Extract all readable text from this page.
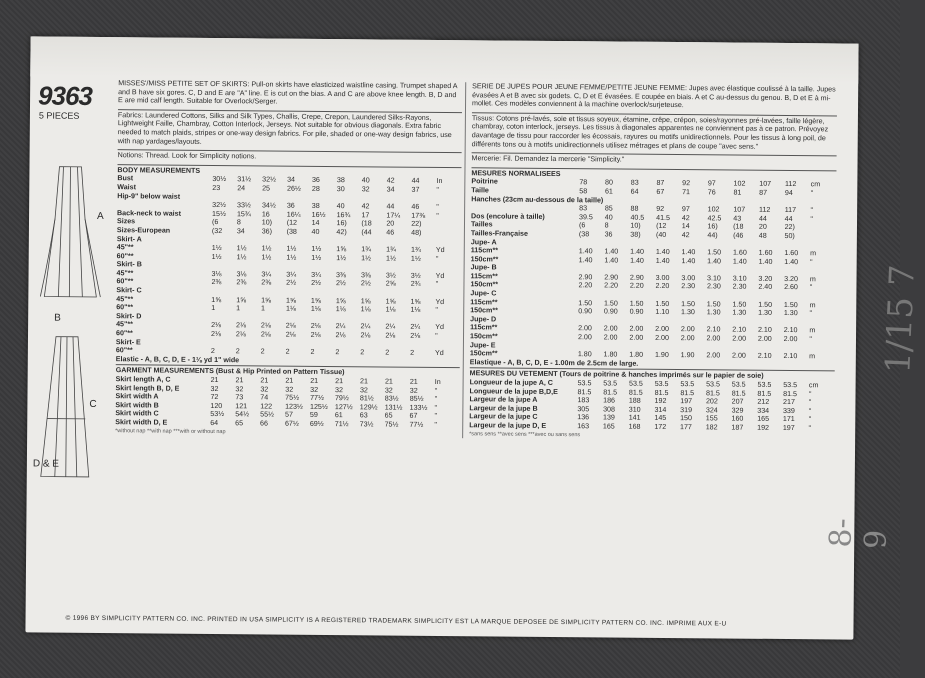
9363
5 PIECES
A
B
C
D & E
MISSES'/MISS PETITE SET OF SKIRTS: Pull-on skirts have elasticized waistline casing. Trumpet shaped A and B have six gores. C, D and E are "A" line. E is cut on the bias. A and C are above knee length. B, D and E are mid calf length. Suitable for Overlock/Serger.
Fabrics: Laundered Cottons, Silks and Silk Types, Challis, Crepe, Crepon, Laundered Silks-Rayons, Lightweight Faille, Chambray, Cotton Interlock, Jerseys. Not suitable for obvious diagonals. Extra fabric needed to match plaids, stripes or one-way design fabrics. For pile, shaded or one-way design fabrics, use with nap yardages/layouts.
Notions: Thread. Look for Simplicity notions.
BODY MEASUREMENTS
Bust	30½	31½	32½	34	36	38	40	42	44	In
Waist	23	24	25	26½	28	30	32	34	37	"
Hip-9" below waist
32½	33½	34½	36	38	40	42	44	46	"
Back-neck to waist	15½	15¾	16	16¼	16½	16¾	17	17¼	17⅜	"
Sizes	(6	8	10)	(12	14	16)	(18	20	22)
Sizes-European	(32	34	36)	(38	40	42)	(44	46	48)
Skirt- A
45"**	1½	1½	1½	1½	1½	1⅝	1¾	1¾	1¾	Yd
60"**	1½	1½	1½	1½	1½	1½	1½	1½	1½	"
Skirt- B
45"**	3⅛	3⅛	3¼	3¼	3¼	3⅜	3⅜	3½	3½	Yd
60"**	2⅜	2⅜	2⅜	2½	2½	2½	2½	2⅝	2¾	"
Skirt- C
45"**	1⅝	1⅝	1⅝	1⅝	1⅝	1⅝	1⅝	1⅝	1⅝	Yd
60"**	1	1	1	1⅛	1⅛	1⅛	1⅛	1⅛	1⅛	"
Skirt- D
45"**	2⅛	2⅛	2⅛	2⅛	2⅛	2¼	2¼	2¼	2¼	Yd
60"**	2⅛	2⅛	2⅛	2⅛	2⅛	2⅛	2⅛	2⅛	2⅛	"
Skirt- E
60"**	2	2	2	2	2	2	2	2	2	Yd
Elastic - A, B, C, D, E - 1⅛ yd 1" wide
GARMENT MEASUREMENTS (Bust & Hip Printed on Pattern Tissue)
Skirt length A, C	21	21	21	21	21	21	21	21	21	In
Skirt length B, D, E	32	32	32	32	32	32	32	32	32	"
Skirt width A	72	73	74	75½	77½	79½	81½	83½	85½	"
Skirt width B	120	121	122	123½ 125½ 127½ 129½ 131½ 133½ "
Skirt width C	53½	54½	55½	57	59	61	63	65	67	"
Skirt width D, E	64	65	66	67½	69½	71½	73½	75½	77½	"
*without nap **with nap ***with or without nap
SERIE DE JUPES POUR JEUNE FEMME/PETITE JEUNE FEMME: Jupes avec élastique coulissé à la taille. Jupes évasées A et B avec six godets. C, D et E évasées. E coupée en biais. A et C au-dessus du genou. B, D et E à mi-mollet. Ces modèles conviennent à la machine overlock/surjeteuse.
Tissus: Cotons pré-lavés, soie et tissus soyeux, étamine, crêpe, crépon, soies/rayonnes pré-lavées, faille légère, chambray, coton interlock, jerseys. Les tissus à diagonales apparentes ne conviennent pas à ce patron. Prévoyez davantage de tissu pour raccorder les écossais, rayures ou motifs unidirectionnels. Pour les tissus à long poil, de différents tons ou à motifs unidirectionnels utilisez métrages et plans de coupe "avec sens."
Mercerie: Fil. Demandez la mercerie "Simplicity."
MESURES NORMALISEES
Poitrine	78	80	83	87	92	97	102	107	112	cm
Taille	58	61	64	67	71	76	81	87	94	"
Hanches (23cm au-dessous de la taille)
83	85	88	92	97	102	107	112	117	"
Dos (encolure à taille)	39.5	40	40.5	41.5	42	42.5	43	44	44	"
Tailles	(6	8	10)	(12	14	16)	(18	20	22)
Tailles-Française	(38	36	38)	(40	42	44)	(46	48	50)
Jupe- A
115cm**	1.40	1.40	1.40	1.40	1.40	1.50	1.60	1.60	1.60	m
150cm**	1.40	1.40	1.40	1.40	1.40	1.40	1.40	1.40	1.40	"
Jupe- B
115cm**	2.90	2.90	2.90	3.00	3.00	3.10	3.10	3.20	3.20	m
150cm**	2.20	2.20	2.20	2.20	2.30	2.30	2.30	2.40	2.60	"
Jupe- C
115cm**	1.50	1.50	1.50	1.50	1.50	1.50	1.50	1.50	1.50	m
150cm**	0.90	0.90	0.90	1.10	1.30	1.30	1.30	1.30	1.30	"
Jupe- D
115cm**	2.00	2.00	2.00	2.00	2.00	2.10	2.10	2.10	2.10	m
150cm**	2.00	2.00	2.00	2.00	2.00	2.00	2.00	2.00	2.00	"
Jupe- E
150cm**	1.80	1.80	1.80	1.90	1.90	2.00	2.00	2.10	2.10	m
Elastique - A, B, C, D, E - 1.00m de 2.5cm de large.
MESURES DU VETEMENT (Tours de poitrine & hanches imprimés sur le papier de soie)
Longueur de la jupe A, C	53.5	53.5	53.5	53.5	53.5	53.5	53.5	53.5	53.5	cm
Longueur de la jupe B,D,E	81.5	81.5	81.5	81.5	81.5	81.5	81.5	81.5	81.5	"
Largeur de la jupe A	183	186	188	192	197	202	207	212	217	"
Largeur de la jupe B	305	308	310	314	319	324	329	334	339	"
Largeur de la jupe C	136	139	141	145	150	155	160	165	171	"
Largeur de la jupe D, E	163	165	168	172	177	182	187	192	197	"
*sans sens **avec sens ***avec ou sans sens
© 1996 BY SIMPLICITY PATTERN CO. INC. PRINTED IN USA SIMPLICITY IS A REGISTERED TRADEMARK SIMPLICITY EST LA MARQUE DEPOSEE DE SIMPLICITY PATTERN CO. INC. IMPRIME AUX E-U
1/15 7
8-9
